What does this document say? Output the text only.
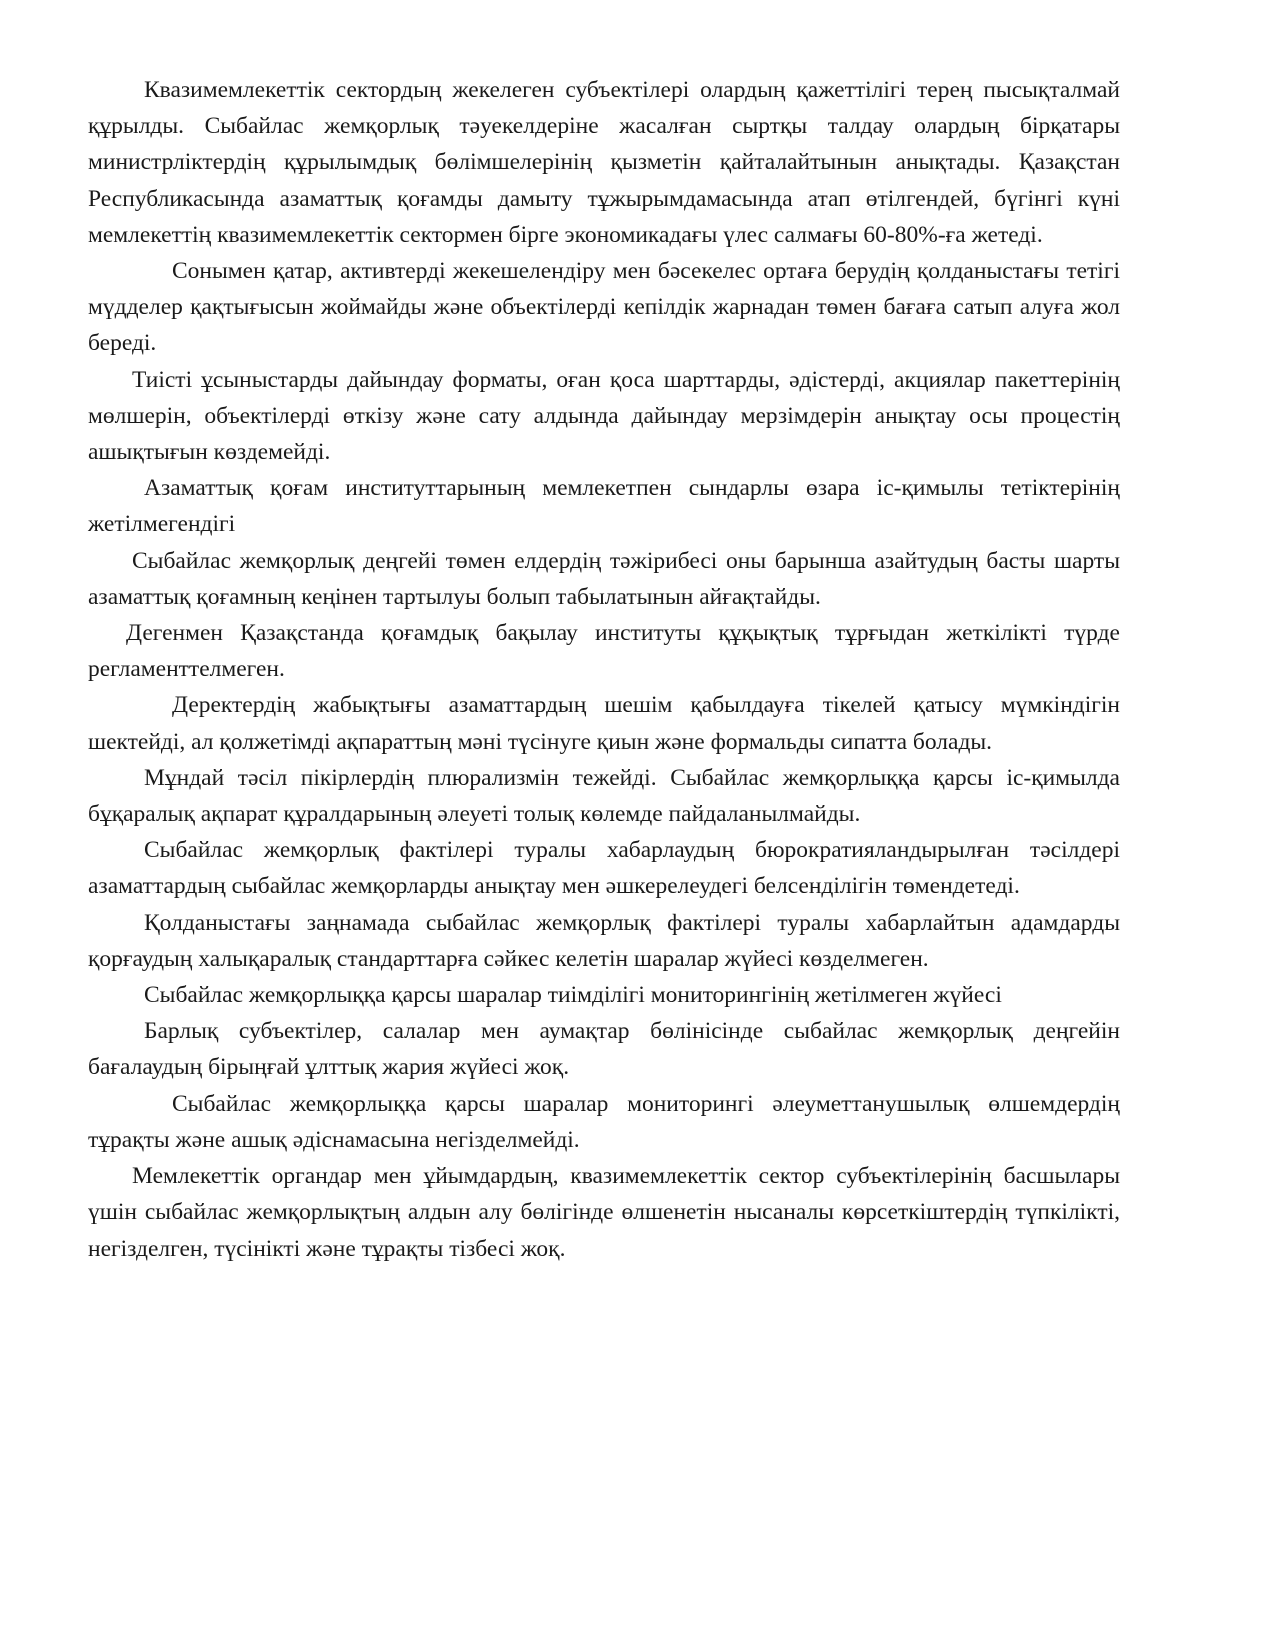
Квазимемлекеттік сектордың жекелеген субъектілері олардың қажеттілігі терең пысықталмай құрылды. Сыбайлас жемқорлық тәуекелдеріне жасалған сыртқы талдау олардың бірқатары министрліктердің құрылымдық бөлімшелерінің қызметін қайталайтынын анықтады. Қазақстан Республикасында азаматтық қоғамды дамыту тұжырымдамасында атап өтілгендей, бүгінгі күні мемлекеттің квазимемлекеттік сектормен бірге экономикадағы үлес салмағы 60-80%-ға жетеді.

Сонымен қатар, активтерді жекешелендіру мен бәсекелес ортаға берудің қолданыстағы тетігі мүдделер қақтығысын жоймайды және объектілерді кепілдік жарнадан төмен бағаға сатып алуға жол береді.

Тиісті ұсыныстарды дайындау форматы, оған қоса шарттарды, әдістерді, акциялар пакеттерінің мөлшерін, объектілерді өткізу және сату алдында дайындау мерзімдерін анықтау осы процестің ашықтығын көздемейді.

Азаматтық қоғам институттарының мемлекетпен сындарлы өзара іс-қимылы тетіктерінің жетілмегендігі

Сыбайлас жемқорлық деңгейі төмен елдердің тәжірибесі оны барынша азайтудың басты шарты азаматтық қоғамның кеңінен тартылуы болып табылатынын айғақтайды.

Дегенмен Қазақстанда қоғамдық бақылау институты құқықтық тұрғыдан жеткілікті түрде регламенттелмеген.

Деректердің жабықтығы азаматтардың шешім қабылдауға тікелей қатысу мүмкіндігін шектейді, ал қолжетімді ақпараттың мәні түсінуге қиын және формальды сипатта болады.

Мұндай тәсіл пікірлердің плюрализмін тежейді. Сыбайлас жемқорлыққа қарсы іс-қимылда бұқаралық ақпарат құралдарының әлеуеті толық көлемде пайдаланылмайды.

Сыбайлас жемқорлық фактілері туралы хабарлаудың бюрократияландырылған тәсілдері азаматтардың сыбайлас жемқорларды анықтау мен әшкерелеудегі белсенділігін төмендетеді.

Қолданыстағы заңнамада сыбайлас жемқорлық фактілері туралы хабарлайтын адамдарды қорғаудың халықаралық стандарттарға сәйкес келетін шаралар жүйесі көзделмеген.

Сыбайлас жемқорлыққа қарсы шаралар тиімділігі мониторингінің жетілмеген жүйесі

Барлық субъектілер, салалар мен аумақтар бөлінісінде сыбайлас жемқорлық деңгейін бағалаудың бірыңғай ұлттық жария жүйесі жоқ.

Сыбайлас жемқорлыққа қарсы шаралар мониторингі әлеуметтанушылық өлшемдердің тұрақты және ашық әдіснамасына негізделмейді.

Мемлекеттік органдар мен ұйымдардың, квазимемлекеттік сектор субъектілерінің басшылары үшін сыбайлас жемқорлықтың алдын алу бөлігінде өлшенетін нысаналы көрсеткіштердің түпкілікті, негізделген, түсінікті және тұрақты тізбесі жоқ.
